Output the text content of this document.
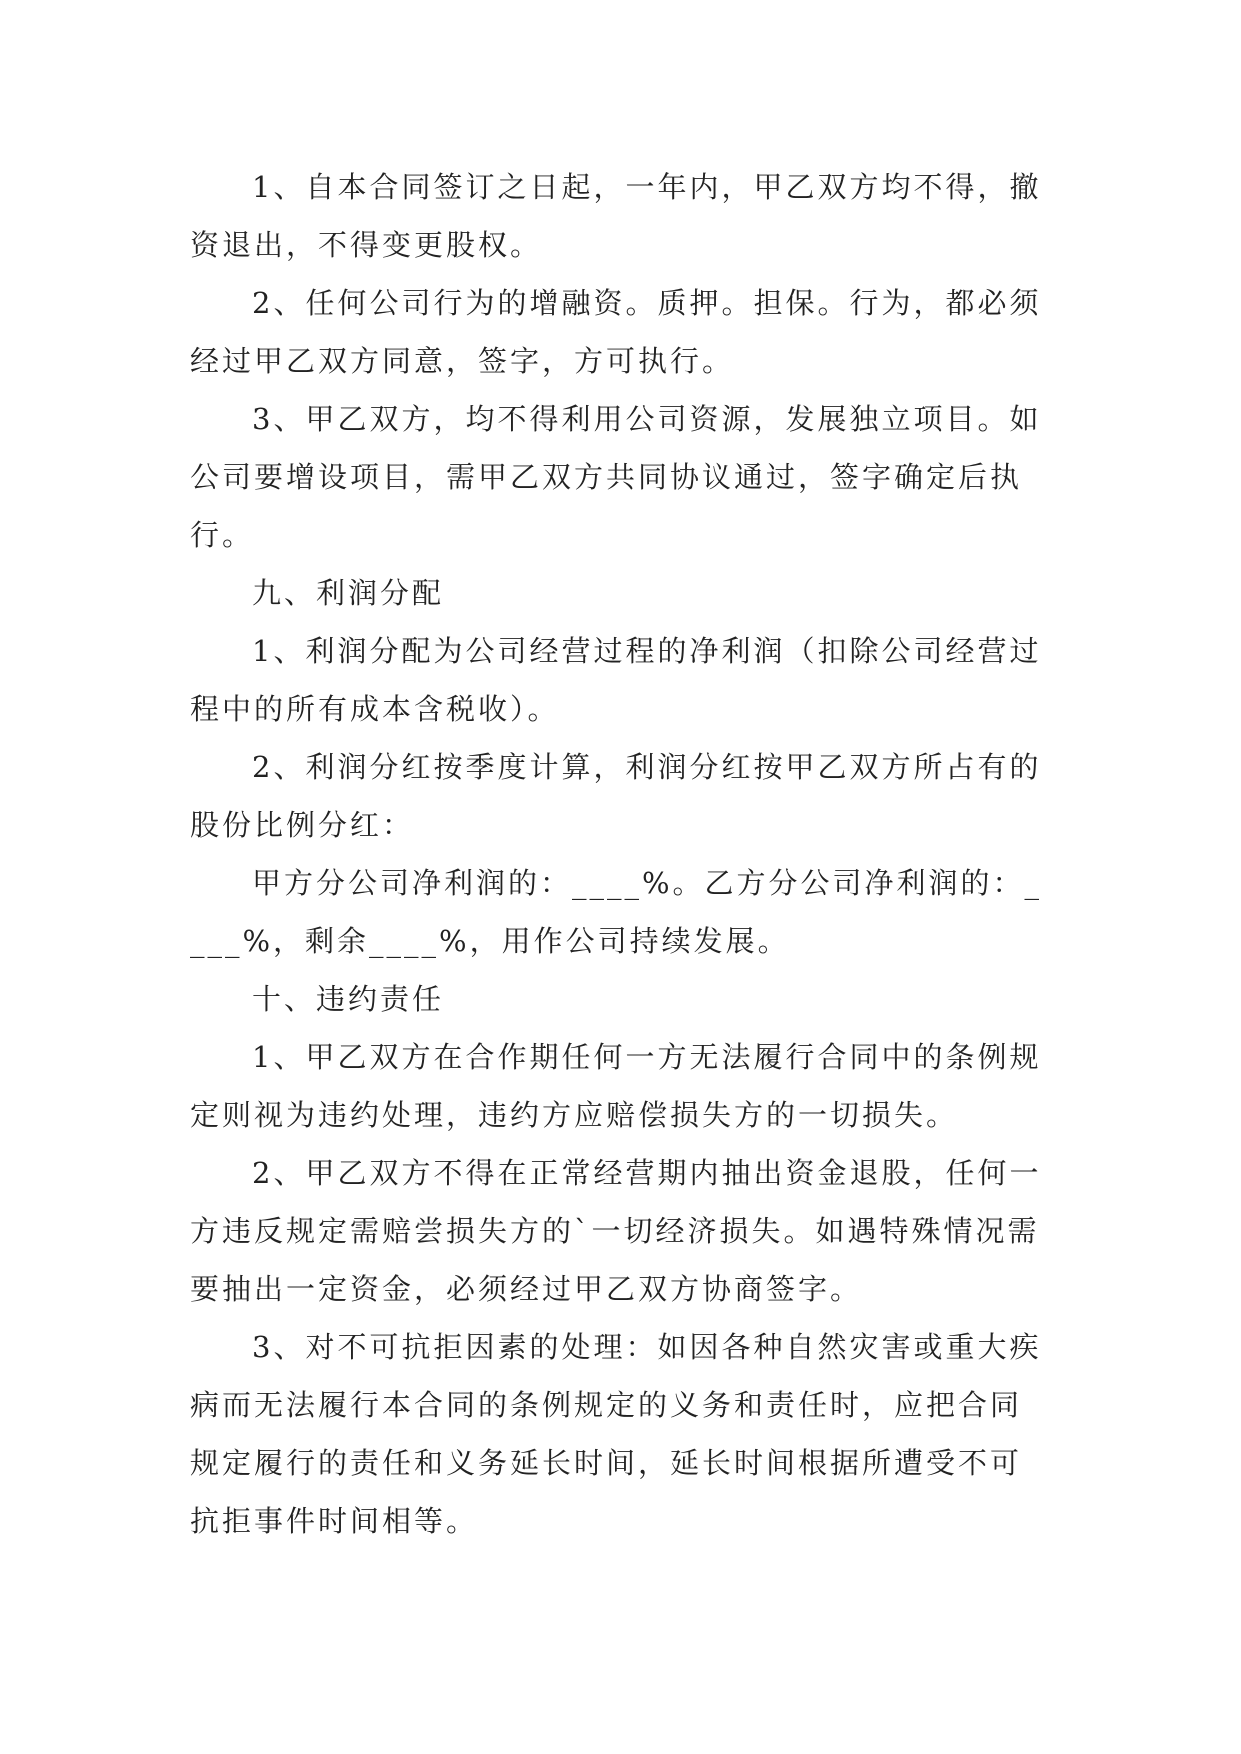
1、自本合同签订之日起，一年内，甲乙双方均不得，撤资退出，不得变更股权。

2、任何公司行为的增融资。质押。担保。行为，都必须经过甲乙双方同意，签字，方可执行。

3、甲乙双方，均不得利用公司资源，发展独立项目。如公司要增设项目，需甲乙双方共同协议通过，签字确定后执行。

九、利润分配

1、利润分配为公司经营过程的净利润（扣除公司经营过程中的所有成本含税收）。

2、利润分红按季度计算，利润分红按甲乙双方所占有的股份比例分红：

甲方分公司净利润的：____%。乙方分公司净利润的：____%，剩余____%，用作公司持续发展。

十、违约责任

1、甲乙双方在合作期任何一方无法履行合同中的条例规定则视为违约处理，违约方应赔偿损失方的一切损失。

2、甲乙双方不得在正常经营期内抽出资金退股，任何一方违反规定需赔尝损失方的`一切经济损失。如遇特殊情况需要抽出一定资金，必须经过甲乙双方协商签字。

3、对不可抗拒因素的处理：如因各种自然灾害或重大疾病而无法履行本合同的条例规定的义务和责任时，应把合同规定履行的责任和义务延长时间，延长时间根据所遭受不可抗拒事件时间相等。
